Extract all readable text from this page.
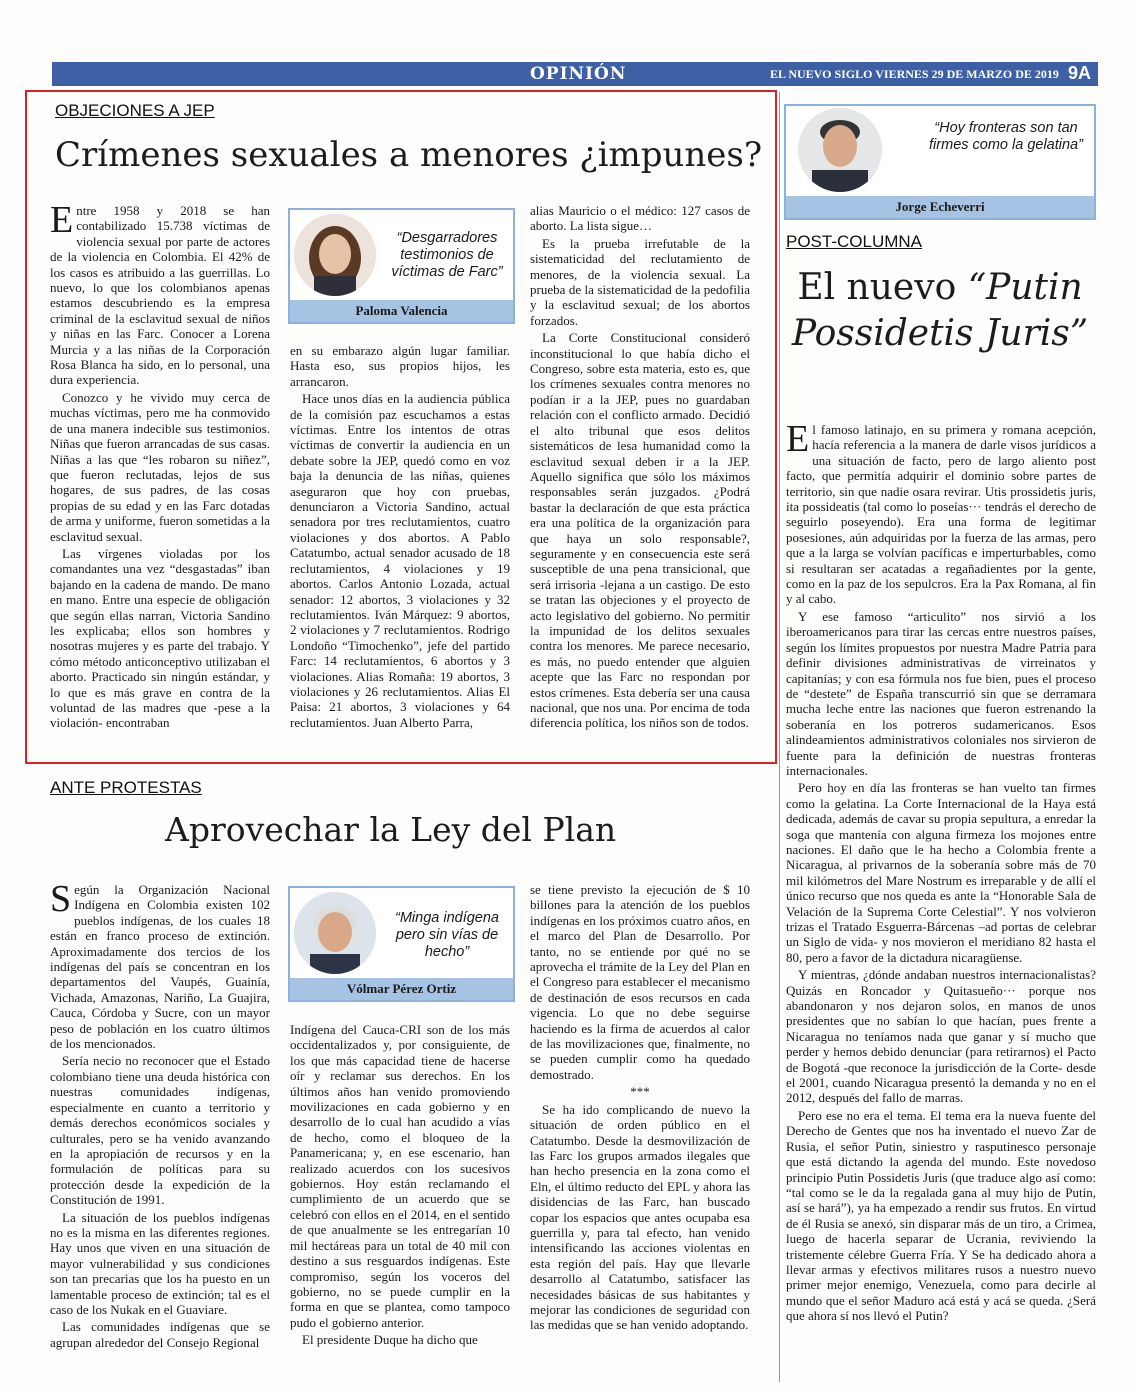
OPINIÓN	EL NUEVO SIGLO VIERNES 29 DE MARZO DE 2019 9A
OBJECIONES A JEP
Crímenes sexuales a menores ¿impunes?

Entre 1958 y 2018 se han contabilizado 15.738 víctimas de violencia sexual por parte de actores de la violencia en Colombia. El 42% de los casos es atribuido a las guerrillas. Lo nuevo, lo que los colombianos apenas estamos descubriendo es la empresa criminal de la esclavitud sexual de niños y niñas en las Farc. Conocer a Lorena Murcia y a las niñas de la Corporación Rosa Blanca ha sido, en lo personal, una dura experiencia.

Conozco y he vivido muy cerca de muchas víctimas, pero me ha conmovido de una manera indecible sus testimonios. Niñas que fueron arrancadas de sus casas. Niñas a las que “les robaron su niñez”, que fueron reclutadas, lejos de sus hogares, de sus padres, de las cosas propias de su edad y en las Farc dotadas de arma y uniforme, fueron sometidas a la esclavitud sexual.

Las vírgenes violadas por los comandantes una vez “desgastadas” iban bajando en la cadena de mando. De mano en mano. Entre una especie de obligación que según ellas narran, Victoria Sandino les explicaba; ellos son hombres y nosotras mujeres y es parte del trabajo. Y cómo método anticonceptivo utilizaban el aborto. Practicado sin ningún estándar, y lo que es más grave en contra de la voluntad de las madres que -pese a la violación- encontraban

“Desgarradores testimonios de víctimas de Farc”
Paloma Valencia

en su embarazo algún lugar familiar. Hasta eso, sus propios hijos, les arrancaron.

Hace unos días en la audiencia pública de la comisión paz escuchamos a estas víctimas. Entre los intentos de otras víctimas de convertir la audiencia en un debate sobre la JEP, quedó como en voz baja la denuncia de las niñas, quienes aseguraron que hoy con pruebas, denunciaron a Victoria Sandino, actual senadora por tres reclutamientos, cuatro violaciones y dos abortos. A Pablo Catatumbo, actual senador acusado de 18 reclutamientos, 4 violaciones y 19 abortos. Carlos Antonio Lozada, actual senador: 12 abortos, 3 violaciones y 32 reclutamientos. Iván Márquez: 9 abortos, 2 violaciones y 7 reclutamientos. Rodrigo Londoño “Timochenko”, jefe del partido Farc: 14 reclutamientos, 6 abortos y 3 violaciones. Alias Romaña: 19 abortos, 3 violaciones y 26 reclutamientos. Alias El Paisa: 21 abortos, 3 violaciones y 64 reclutamientos. Juan Alberto Parra,

alias Mauricio o el médico: 127 casos de aborto. La lista sigue…

Es la prueba irrefutable de la sistematicidad del reclutamiento de menores, de la violencia sexual. La prueba de la sistematicidad de la pedofilia y la esclavitud sexual; de los abortos forzados.

La Corte Constitucional consideró inconstitucional lo que había dicho el Congreso, sobre esta materia, esto es, que los crímenes sexuales contra menores no podían ir a la JEP, pues no guardaban relación con el conflicto armado. Decidió el alto tribunal que esos delitos sistemáticos de lesa humanidad como la esclavitud sexual deben ir a la JEP. Aquello significa que sólo los máximos responsables serán juzgados. ¿Podrá bastar la declaración de que esta práctica era una política de la organización para que haya un solo responsable?, seguramente y en consecuencia este será susceptible de una pena transicional, que será irrisoria -lejana a un castigo. De esto se tratan las objeciones y el proyecto de acto legislativo del gobierno. No permitir la impunidad de los delitos sexuales contra los menores. Me parece necesario, es más, no puedo entender que alguien acepte que las Farc no respondan por estos crímenes. Esta debería ser una causa nacional, que nos una. Por encima de toda diferencia política, los niños son de todos.

ANTE PROTESTAS
Aprovechar la Ley del Plan

Según la Organización Nacional Indígena en Colombia existen 102 pueblos indígenas, de los cuales 18 están en franco proceso de extinción. Aproximadamente dos tercios de los indígenas del país se concentran en los departamentos del Vaupés, Guainía, Vichada, Amazonas, Nariño, La Guajira, Cauca, Córdoba y Sucre, con un mayor peso de población en los cuatro últimos de los mencionados.

Sería necio no reconocer que el Estado colombiano tiene una deuda histórica con nuestras comunidades indígenas, especialmente en cuanto a territorio y demás derechos económicos sociales y culturales, pero se ha venido avanzando en la apropiación de recursos y en la formulación de políticas para su protección desde la expedición de la Constitución de 1991.

La situación de los pueblos indígenas no es la misma en las diferentes regiones. Hay unos que viven en una situación de mayor vulnerabilidad y sus condiciones son tan precarias que los ha puesto en un lamentable proceso de extinción; tal es el caso de los Nukak en el Guaviare.

Las comunidades indígenas que se agrupan alrededor del Consejo Regional

“Minga indígena pero sin vías de hecho”
Vólmar Pérez Ortiz

Indígena del Cauca-CRI son de los más occidentalizados y, por consiguiente, de los que más capacidad tiene de hacerse oír y reclamar sus derechos. En los últimos años han venido promoviendo movilizaciones en cada gobierno y en desarrollo de lo cual han acudido a vías de hecho, como el bloqueo de la Panamericana; y, en ese escenario, han realizado acuerdos con los sucesivos gobiernos. Hoy están reclamando el cumplimiento de un acuerdo que se celebró con ellos en el 2014, en el sentido de que anualmente se les entregarían 10 mil hectáreas para un total de 40 mil con destino a sus resguardos indígenas. Este compromiso, según los voceros del gobierno, no se puede cumplir en la forma en que se plantea, como tampoco pudo el gobierno anterior.

El presidente Duque ha dicho que

se tiene previsto la ejecución de $ 10 billones para la atención de los pueblos indígenas en los próximos cuatro años, en el marco del Plan de Desarrollo. Por tanto, no se entiende por qué no se aprovecha el trámite de la Ley del Plan en el Congreso para establecer el mecanismo de destinación de esos recursos en cada vigencia. Lo que no debe seguirse haciendo es la firma de acuerdos al calor de las movilizaciones que, finalmente, no se pueden cumplir como ha quedado demostrado.

***

Se ha ido complicando de nuevo la situación de orden público en el Catatumbo. Desde la desmovilización de las Farc los grupos armados ilegales que han hecho presencia en la zona como el Eln, el último reducto del EPL y ahora las disidencias de las Farc, han buscado copar los espacios que antes ocupaba esa guerrilla y, para tal efecto, han venido intensificando las acciones violentas en esta región del país. Hay que llevarle desarrollo al Catatumbo, satisfacer las necesidades básicas de sus habitantes y mejorar las condiciones de seguridad con las medidas que se han venido adoptando.

“Hoy fronteras son tan firmes como la gelatina”
Jorge Echeverri
POST-COLUMNA
El nuevo “Putin Possidetis Juris”

El famoso latinajo, en su primera y romana acepción, hacía referencia a la manera de darle visos jurídicos a una situación de facto, pero de largo aliento post facto, que permitía adquirir el dominio sobre partes de territorio, sin que nadie osara revirar. Utis prossidetis juris, ita possideatis (tal como lo poseías··· tendrás el derecho de seguirlo poseyendo). Era una forma de legitimar posesiones, aún adquiridas por la fuerza de las armas, pero que a la larga se volvían pacíficas e imperturbables, como si resultaran ser acatadas a regañadientes por la gente, como en la paz de los sepulcros. Era la Pax Romana, al fin y al cabo.

Y ese famoso “articulito” nos sirvió a los iberoamericanos para tirar las cercas entre nuestros países, según los límites propuestos por nuestra Madre Patria para definir divisiones administrativas de virreinatos y capitanías; y con esa fórmula nos fue bien, pues el proceso de “destete” de España transcurrió sin que se derramara mucha leche entre las naciones que fueron estrenando la soberanía en los potreros sudamericanos. Esos alindeamientos administrativos coloniales nos sirvieron de fuente para la definición de nuestras fronteras internacionales.

Pero hoy en día las fronteras se han vuelto tan firmes como la gelatina. La Corte Internacional de la Haya está dedicada, además de cavar su propia sepultura, a enredar la soga que mantenía con alguna firmeza los mojones entre naciones. El daño que le ha hecho a Colombia frente a Nicaragua, al privarnos de la soberanía sobre más de 70 mil kilómetros del Mare Nostrum es irreparable y de allí el único recurso que nos queda es ante la “Honorable Sala de Velación de la Suprema Corte Celestial”. Y nos volvieron trizas el Tratado Esguerra-Bárcenas –ad portas de celebrar un Siglo de vida- y nos movieron el meridiano 82 hasta el 80, pero a favor de la dictadura nicaragüense.

Y mientras, ¿dónde andaban nuestros internacionalistas? Quizás en Roncador y Quitasueño··· porque nos abandonaron y nos dejaron solos, en manos de unos presidentes que no sabían lo que hacían, pues frente a Nicaragua no teníamos nada que ganar y sí mucho que perder y hemos debido denunciar (para retirarnos) el Pacto de Bogotá -que reconoce la jurisdicción de la Corte- desde el 2001, cuando Nicaragua presentó la demanda y no en el 2012, después del fallo de marras.

Pero ese no era el tema. El tema era la nueva fuente del Derecho de Gentes que nos ha inventado el nuevo Zar de Rusia, el señor Putin, siniestro y rasputinesco personaje que está dictando la agenda del mundo. Este novedoso principio Putin Possidetis Juris (que traduce algo así como: “tal como se le da la regalada gana al muy hijo de Putin, así se hará”), ya ha empezado a rendir sus frutos. En virtud de él Rusia se anexó, sin disparar más de un tiro, a Crimea, luego de hacerla separar de Ucrania, reviviendo la tristemente célebre Guerra Fría. Y Se ha dedicado ahora a llevar armas y efectivos militares rusos a nuestro nuevo primer mejor enemigo, Venezuela, como para decirle al mundo que el señor Maduro acá está y acá se queda. ¿Será que ahora sí nos llevó el Putin?
